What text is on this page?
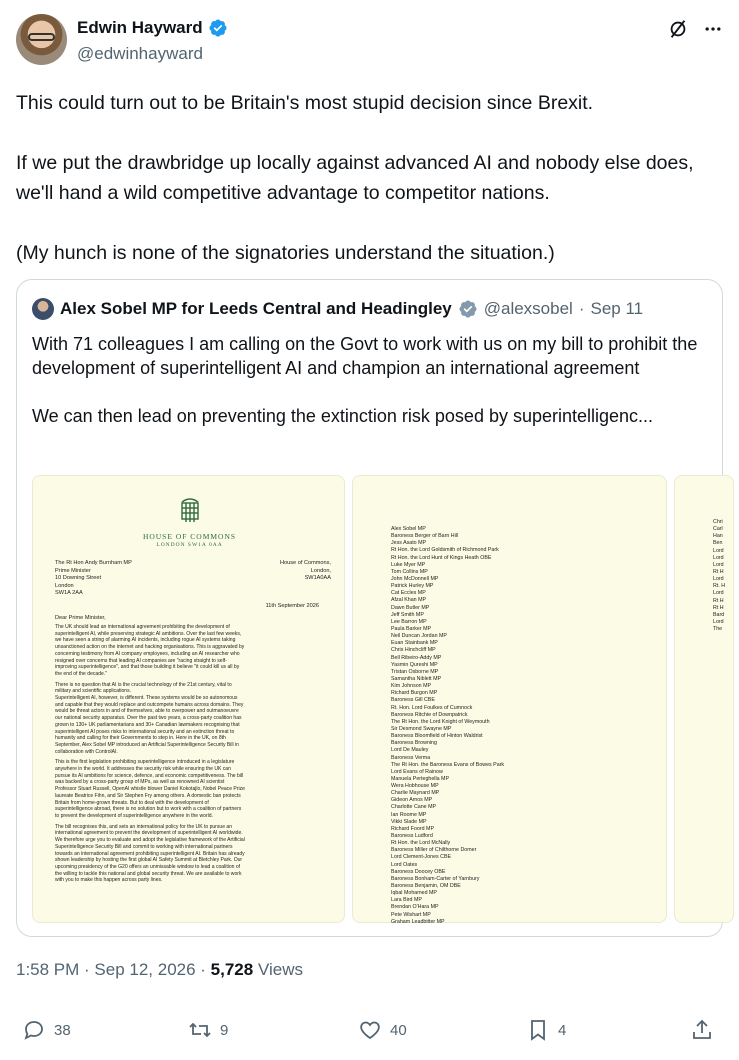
Edwin Hayward
@edwinhayward
This could turn out to be Britain's most stupid decision since Brexit.

If we put the drawbridge up locally against advanced AI and nobody else does, we'll hand a wild competitive advantage to competitor nations.

(My hunch is none of the signatories understand the situation.)
Alex Sobel MP for Leeds Central and Headingley @alexsobel · Sep 11
With 71 colleagues I am calling on the Govt to work with us on my bill to prohibit the development of superintelligent AI and champion an international agreement

We can then lead on preventing the extinction risk posed by superintelligenc...
HOUSE OF COMMONS
LONDON SW1A 0AA
The Rt Hon Andy Burnham MP
Prime Minister
10 Downing Street
London
SW1A 2AA
House of Commons,
London,
SW1A0AA
11th September 2026
Dear Prime Minister,
The UK should lead an international agreement prohibiting the development of
superintelligent AI, while preserving strategic AI ambitions. Over the last few weeks,
we have seen a string of alarming AI incidents, including rogue AI systems taking
unsanctioned action on the internet and hacking organisations. This is aggravated by
concerning testimony from AI company employees, including an AI researcher who
resigned over concerns that leading AI companies are "racing straight to self-
improving superintelligence", and that those building it believe "it could kill us all by
the end of the decade."
There is no question that AI is the crucial technology of the 21st century, vital to
military and scientific applications.
Superintelligent AI, however, is different. These systems would be so autonomous
and capable that they would replace and outcompete humans across domains. They
would be threat actors in and of themselves, able to overpower and outmanoeuvre
our national security apparatus. Over the past two years, a cross-party coalition has
grown to 130+ UK parliamentarians and 30+ Canadian lawmakers recognising that
superintelligent AI poses risks to international security and an extinction threat to
humanity and calling for their Governments to step in. Here in the UK, on 8th
September, Alex Sobel MP introduced an Artificial Superintelligence Security Bill in
collaboration with ControlAI.
This is the first legislation prohibiting superintelligence introduced in a legislature
anywhere in the world. It addresses the security risk while ensuring the UK can
pursue its AI ambitions for science, defence, and economic competitiveness. The bill
was backed by a cross-party group of MPs, as well as renowned AI scientist
Professor Stuart Russell, OpenAI whistle blower Daniel Kokotajlo, Nobel Peace Prize
laureate Beatrice Fihn, and Sir Stephen Fry among others. A domestic ban protects
Britain from home-grown threats. But to deal with the development of
superintelligence abroad, there is no solution but to work with a coalition of partners
to prevent the development of superintelligence anywhere in the world.
The bill recognises this, and sets an international policy for the UK to pursue an
international agreement to prevent the development of superintelligent AI worldwide.
We therefore urge you to evaluate and adopt the legislative framework of the Artificial
Superintelligence Security Bill and commit to working with international partners
towards an international agreement prohibiting superintelligent AI. Britain has already
shown leadership by hosting the first global AI Safety Summit at Bletchley Park. Our
upcoming presidency of the G20 offers an unmissable window to lead a coalition of
the willing to tackle this national and global security threat. We are available to work
with you to make this happen across party lines.
Alex Sobel MP
Baroness Berger of Barn Hill
Jess Asato MP
Rt Hon. the Lord Goldsmith of Richmond Park
Rt Hon. the Lord Hunt of Kings Heath OBE
Luke Myer MP
Tom Collins MP
John McDonnell MP
Patrick Hurley MP
Cat Eccles MP
Afzal Khan MP
Dawn Butler MP
Jeff Smith MP
Lee Barron MP
Paula Barker MP
Neil Duncan Jordan MP
Euan Stainbank MP
Chris Hinchcliff MP
Bell Ribeiro-Addy MP
Yasmin Qureshi MP
Tristan Osborne MP
Samantha Niblett MP
Kim Johnson MP
Richard Burgon MP
Baroness Gill CBE
Rt. Hon. Lord Foulkes of Cumnock
Baroness Ritchie of Downpatrick
The Rt Hon. the Lord Knight of Weymouth
Sir Desmond Swayne MP
Baroness Bloomfield of Hinton Waldrist
Baroness Browning
Lord De Mauley
Baroness Verma
The Rt Hon. the Baroness Evans of Bowes Park
Lord Evans of Rainow
Manuela Perteghella MP
Wera Hobhouse MP
Charlie Maynard MP
Gideon Amos MP
Charlotte Cane MP
Ian Roome MP
Vikki Slade MP
Richard Foord MP
Baroness Ludford
Rt Hon. the Lord McNally
Baroness Miller of Chilthorne Domer
Lord Clement-Jones CBE
Lord Oates
Baroness Doocey OBE
Baroness Bonham-Carter of Yarnbury
Baroness Benjamin, OM DBE
Iqbal Mohamed MP
Lara Bird MP
Brendan O'Hara MP
Pete Wishart MP
Graham Leadbitter MP
Chri
Carl
Han
Ben
Lord
Lord
Lord
Rt H
Lord
Rt. H
Lord
Rt H
Rt H
Bard
Lord
The
1:58 PM · Sep 12, 2026 · 5,728 Views
38	9	40	4
